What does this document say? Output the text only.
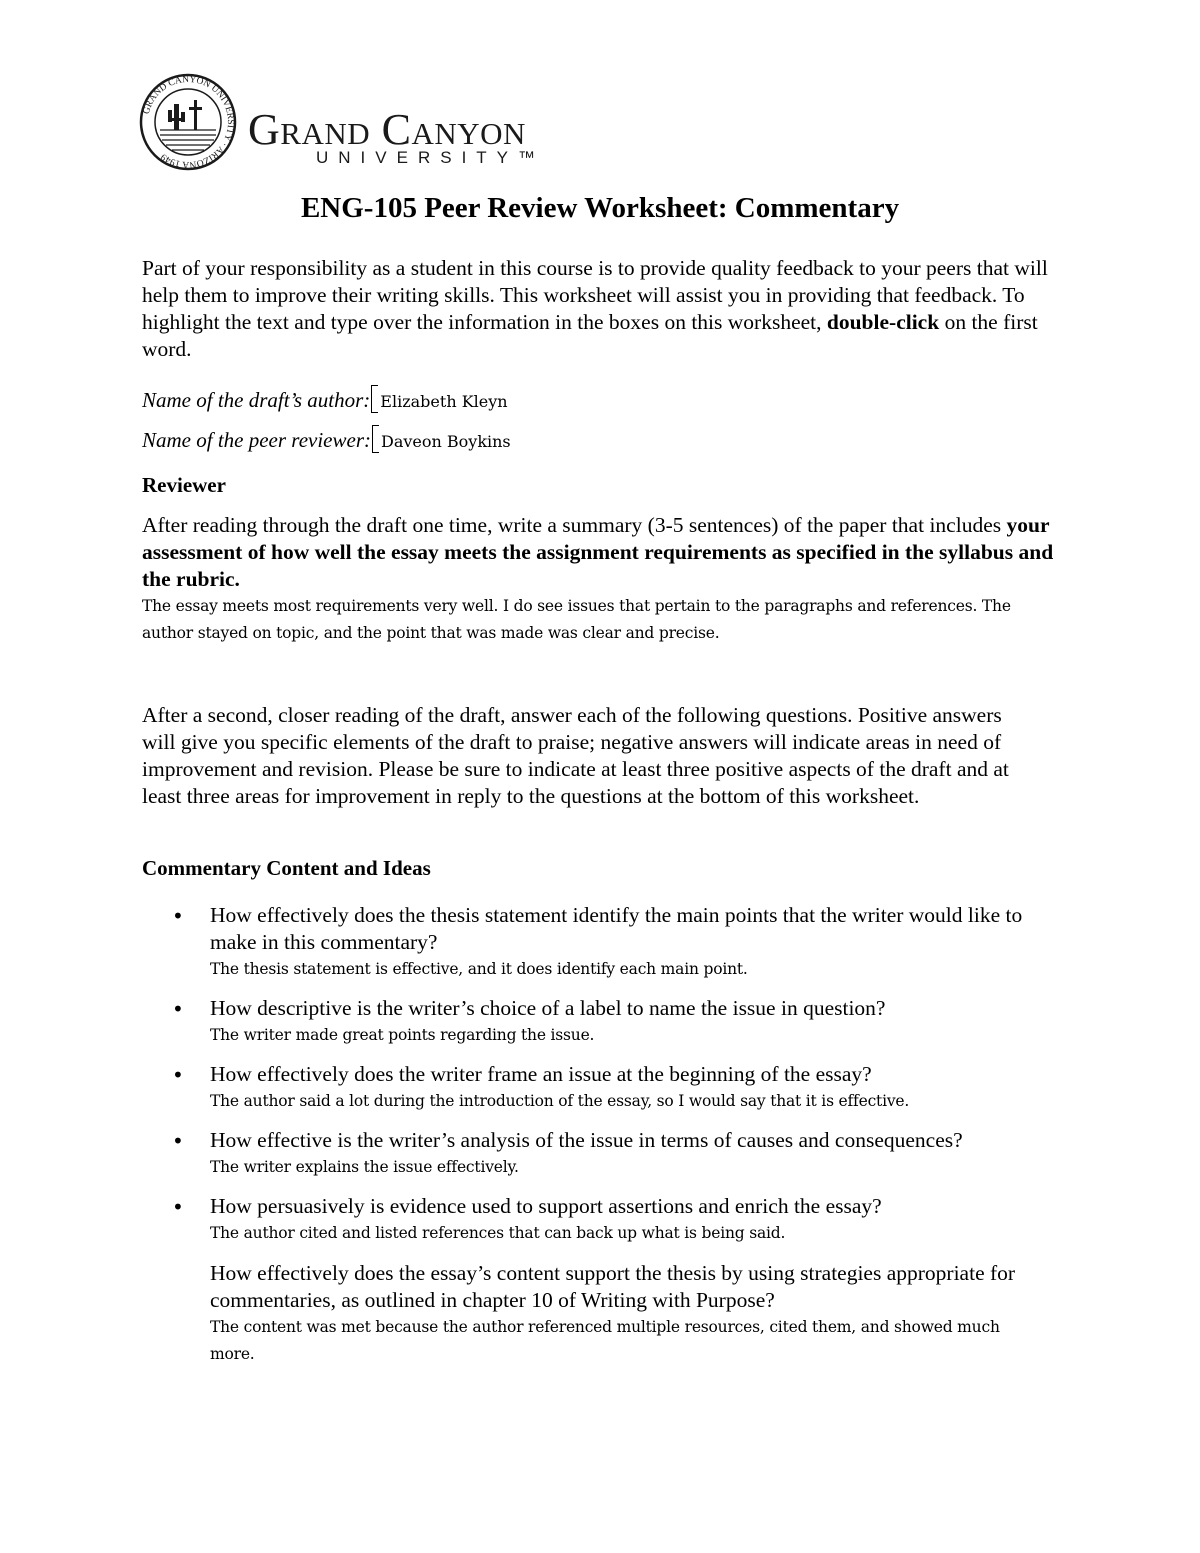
GRAND CANYON UNIVERSITY · ARIZONA 1949
Grand Canyon
UNIVERSITY™
ENG-105 Peer Review Worksheet: Commentary
Part of your responsibility as a student in this course is to provide quality feedback to your peers that will help them to improve their writing skills. This worksheet will assist you in providing that feedback. To highlight the text and type over the information in the boxes on this worksheet, double-click on the first word.
Name of the draft’s author: Elizabeth Kleyn
Name of the peer reviewer: Daveon Boykins
Reviewer
After reading through the draft one time, write a summary (3-5 sentences) of the paper that includes your assessment of how well the essay meets the assignment requirements as specified in the syllabus and the rubric.
The essay meets most requirements very well. I do see issues that pertain to the paragraphs and references. The author stayed on topic, and the point that was made was clear and precise.
After a second, closer reading of the draft, answer each of the following questions. Positive answers will give you specific elements of the draft to praise; negative answers will indicate areas in need of improvement and revision. Please be sure to indicate at least three positive aspects of the draft and at least three areas for improvement in reply to the questions at the bottom of this worksheet.
Commentary Content and Ideas
• How effectively does the thesis statement identify the main points that the writer would like to make in this commentary?
The thesis statement is effective, and it does identify each main point.
• How descriptive is the writer’s choice of a label to name the issue in question?
The writer made great points regarding the issue.
• How effectively does the writer frame an issue at the beginning of the essay?
The author said a lot during the introduction of the essay, so I would say that it is effective.
• How effective is the writer’s analysis of the issue in terms of causes and consequences?
The writer explains the issue effectively.
• How persuasively is evidence used to support assertions and enrich the essay?
The author cited and listed references that can back up what is being said.
How effectively does the essay’s content support the thesis by using strategies appropriate for commentaries, as outlined in chapter 10 of Writing with Purpose?
The content was met because the author referenced multiple resources, cited them, and showed much more.
